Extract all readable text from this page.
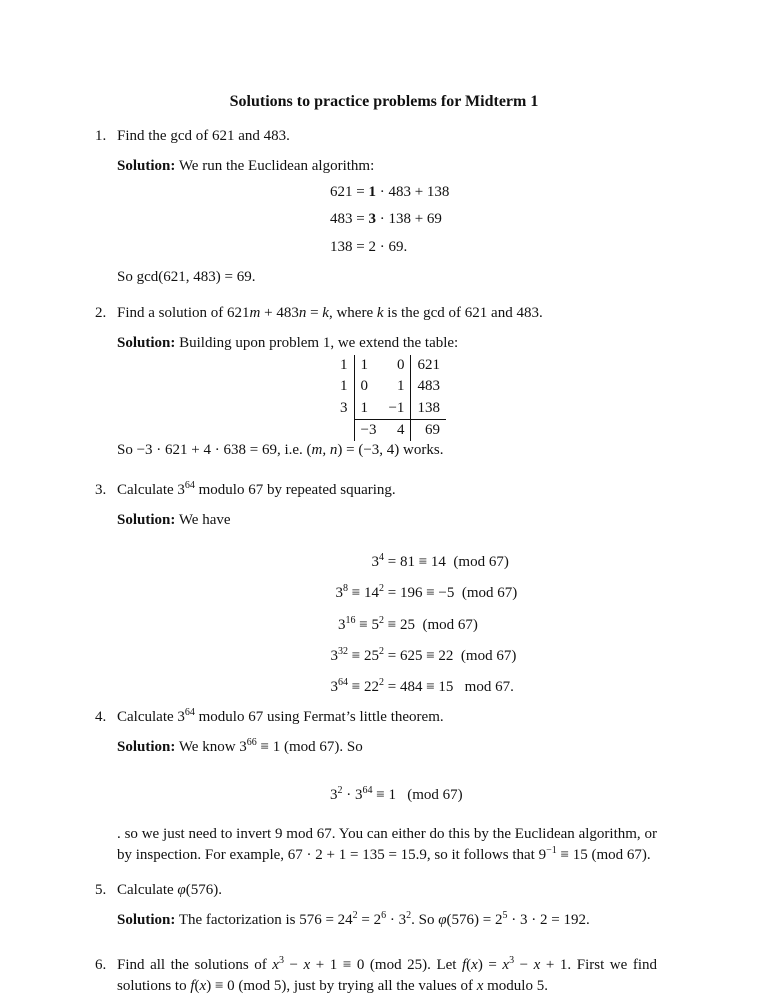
Solutions to practice problems for Midterm 1
1. Find the gcd of 621 and 483.

Solution: We run the Euclidean algorithm:

621 = 1 · 483 + 138
483 = 3 · 138 + 69
138 = 2 · 69.

So gcd(621, 483) = 69.

2. Find a solution of 621m + 483n = k, where k is the gcd of 621 and 483.

Solution: Building upon problem 1, we extend the table:

1	1	0	621
1	0	1	483
3	1	−1	138
	−3	4	69

So −3 · 621 + 4 · 638 = 69, i.e. (m, n) = (−3, 4) works.

3. Calculate $3^{64}$ modulo 67 by repeated squaring.

Solution: We have

$3^4 = 81 \equiv 14$  (mod 67)
$3^8 \equiv 14^2 = 196 \equiv -5$  (mod 67)
$3^{16} \equiv 5^2 \equiv 25$  (mod 67)
$3^{32} \equiv 25^2 = 625 \equiv 22$  (mod 67)
$3^{64} \equiv 22^2 = 484 \equiv 15$   mod 67.
4. Calculate $3^{64}$ modulo 67 using Fermat’s little theorem.

Solution: We know $3^{66} \equiv 1$ (mod 67). So

$3^2 \cdot 3^{64} \equiv 1$   (mod 67)

. so we just need to invert 9 mod 67. You can either do this by the Euclidean algorithm, or by inspection. For example, 67 · 2 + 1 = 135 = 15.9, so it follows that $9^{-1} \equiv 15$ (mod 67).

5. Calculate φ(576).

Solution: The factorization is $576 = 24^2 = 2^6 \cdot 3^2$. So $\varphi(576) = 2^5 \cdot 3 \cdot 2 = 192$.

6. Find all the solutions of $x^3 - x + 1 \equiv 0$ (mod 25). Let $f(x) = x^3 - x + 1$. First we find solutions to f(x) ≡ 0 (mod 5), just by trying all the values of x modulo 5.
